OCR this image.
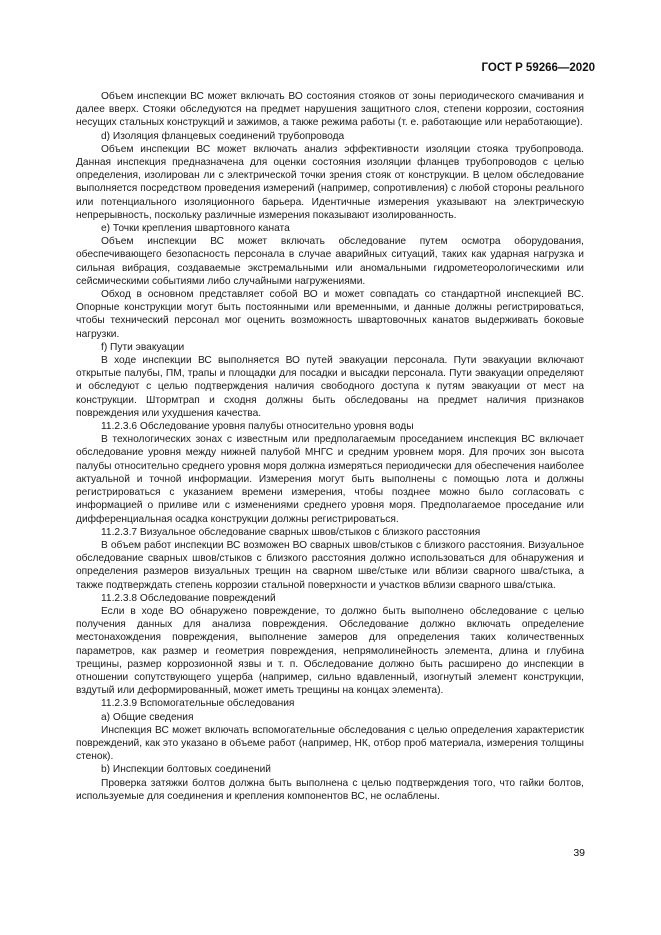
ГОСТ Р 59266—2020

Объем инспекции ВС может включать ВО состояния стояков от зоны периодического смачивания и далее вверх. Стояки обследуются на предмет нарушения защитного слоя, степени коррозии, состояния несущих стальных конструкций и зажимов, а также режима работы (т. е. работающие или неработающие).

d) Изоляция фланцевых соединений трубопровода

Объем инспекции ВС может включать анализ эффективности изоляции стояка трубопровода. Данная инспекция предназначена для оценки состояния изоляции фланцев трубопроводов с целью определения, изолирован ли с электрической точки зрения стояк от конструкции. В целом обследование выполняется посредством проведения измерений (например, сопротивления) с любой стороны реального или потенциального изоляционного барьера. Идентичные измерения указывают на электрическую непрерывность, поскольку различные измерения показывают изолированность.

e) Точки крепления швартовного каната

Объем инспекции ВС может включать обследование путем осмотра оборудования, обеспечивающего безопасность персонала в случае аварийных ситуаций, таких как ударная нагрузка и сильная вибрация, создаваемые экстремальными или аномальными гидрометеорологическими или сейсмическими событиями либо случайными нагружениями.

Обход в основном представляет собой ВО и может совпадать со стандартной инспекцией ВС. Опорные конструкции могут быть постоянными или временными, и данные должны регистрироваться, чтобы технический персонал мог оценить возможность швартовочных канатов выдерживать боковые нагрузки.

f) Пути эвакуации

В ходе инспекции ВС выполняется ВО путей эвакуации персонала. Пути эвакуации включают открытые палубы, ПМ, трапы и площадки для посадки и высадки персонала. Пути эвакуации определяют и обследуют с целью подтверждения наличия свободного доступа к путям эвакуации от мест на конструкции. Штормтрап и сходня должны быть обследованы на предмет наличия признаков повреждения или ухудшения качества.

11.2.3.6 Обследование уровня палубы относительно уровня воды

В технологических зонах с известным или предполагаемым проседанием инспекция ВС включает обследование уровня между нижней палубой МНГС и средним уровнем моря. Для прочих зон высота палубы относительно среднего уровня моря должна измеряться периодически для обеспечения наиболее актуальной и точной информации. Измерения могут быть выполнены с помощью лота и должны регистрироваться с указанием времени измерения, чтобы позднее можно было согласовать с информацией о приливе или с изменениями среднего уровня моря. Предполагаемое проседание или дифференциальная осадка конструкции должны регистрироваться.

11.2.3.7 Визуальное обследование сварных швов/стыков с близкого расстояния

В объем работ инспекции ВС возможен ВО сварных швов/стыков с близкого расстояния. Визуальное обследование сварных швов/стыков с близкого расстояния должно использоваться для обнаружения и определения размеров визуальных трещин на сварном шве/стыке или вблизи сварного шва/стыка, а также подтверждать степень коррозии стальной поверхности и участков вблизи сварного шва/стыка.

11.2.3.8 Обследование повреждений

Если в ходе ВО обнаружено повреждение, то должно быть выполнено обследование с целью получения данных для анализа повреждения. Обследование должно включать определение местонахождения повреждения, выполнение замеров для определения таких количественных параметров, как размер и геометрия повреждения, непрямолинейность элемента, длина и глубина трещины, размер коррозионной язвы и т. п. Обследование должно быть расширено до инспекции в отношении сопутствующего ущерба (например, сильно вдавленный, изогнутый элемент конструкции, вздутый или деформированный, может иметь трещины на концах элемента).

11.2.3.9 Вспомогательные обследования

а) Общие сведения

Инспекция ВС может включать вспомогательные обследования с целью определения характеристик повреждений, как это указано в объеме работ (например, НК, отбор проб материала, измерения толщины стенок).

b) Инспекции болтовых соединений

Проверка затяжки болтов должна быть выполнена с целью подтверждения того, что гайки болтов, используемые для соединения и крепления компонентов ВС, не ослаблены.

39
